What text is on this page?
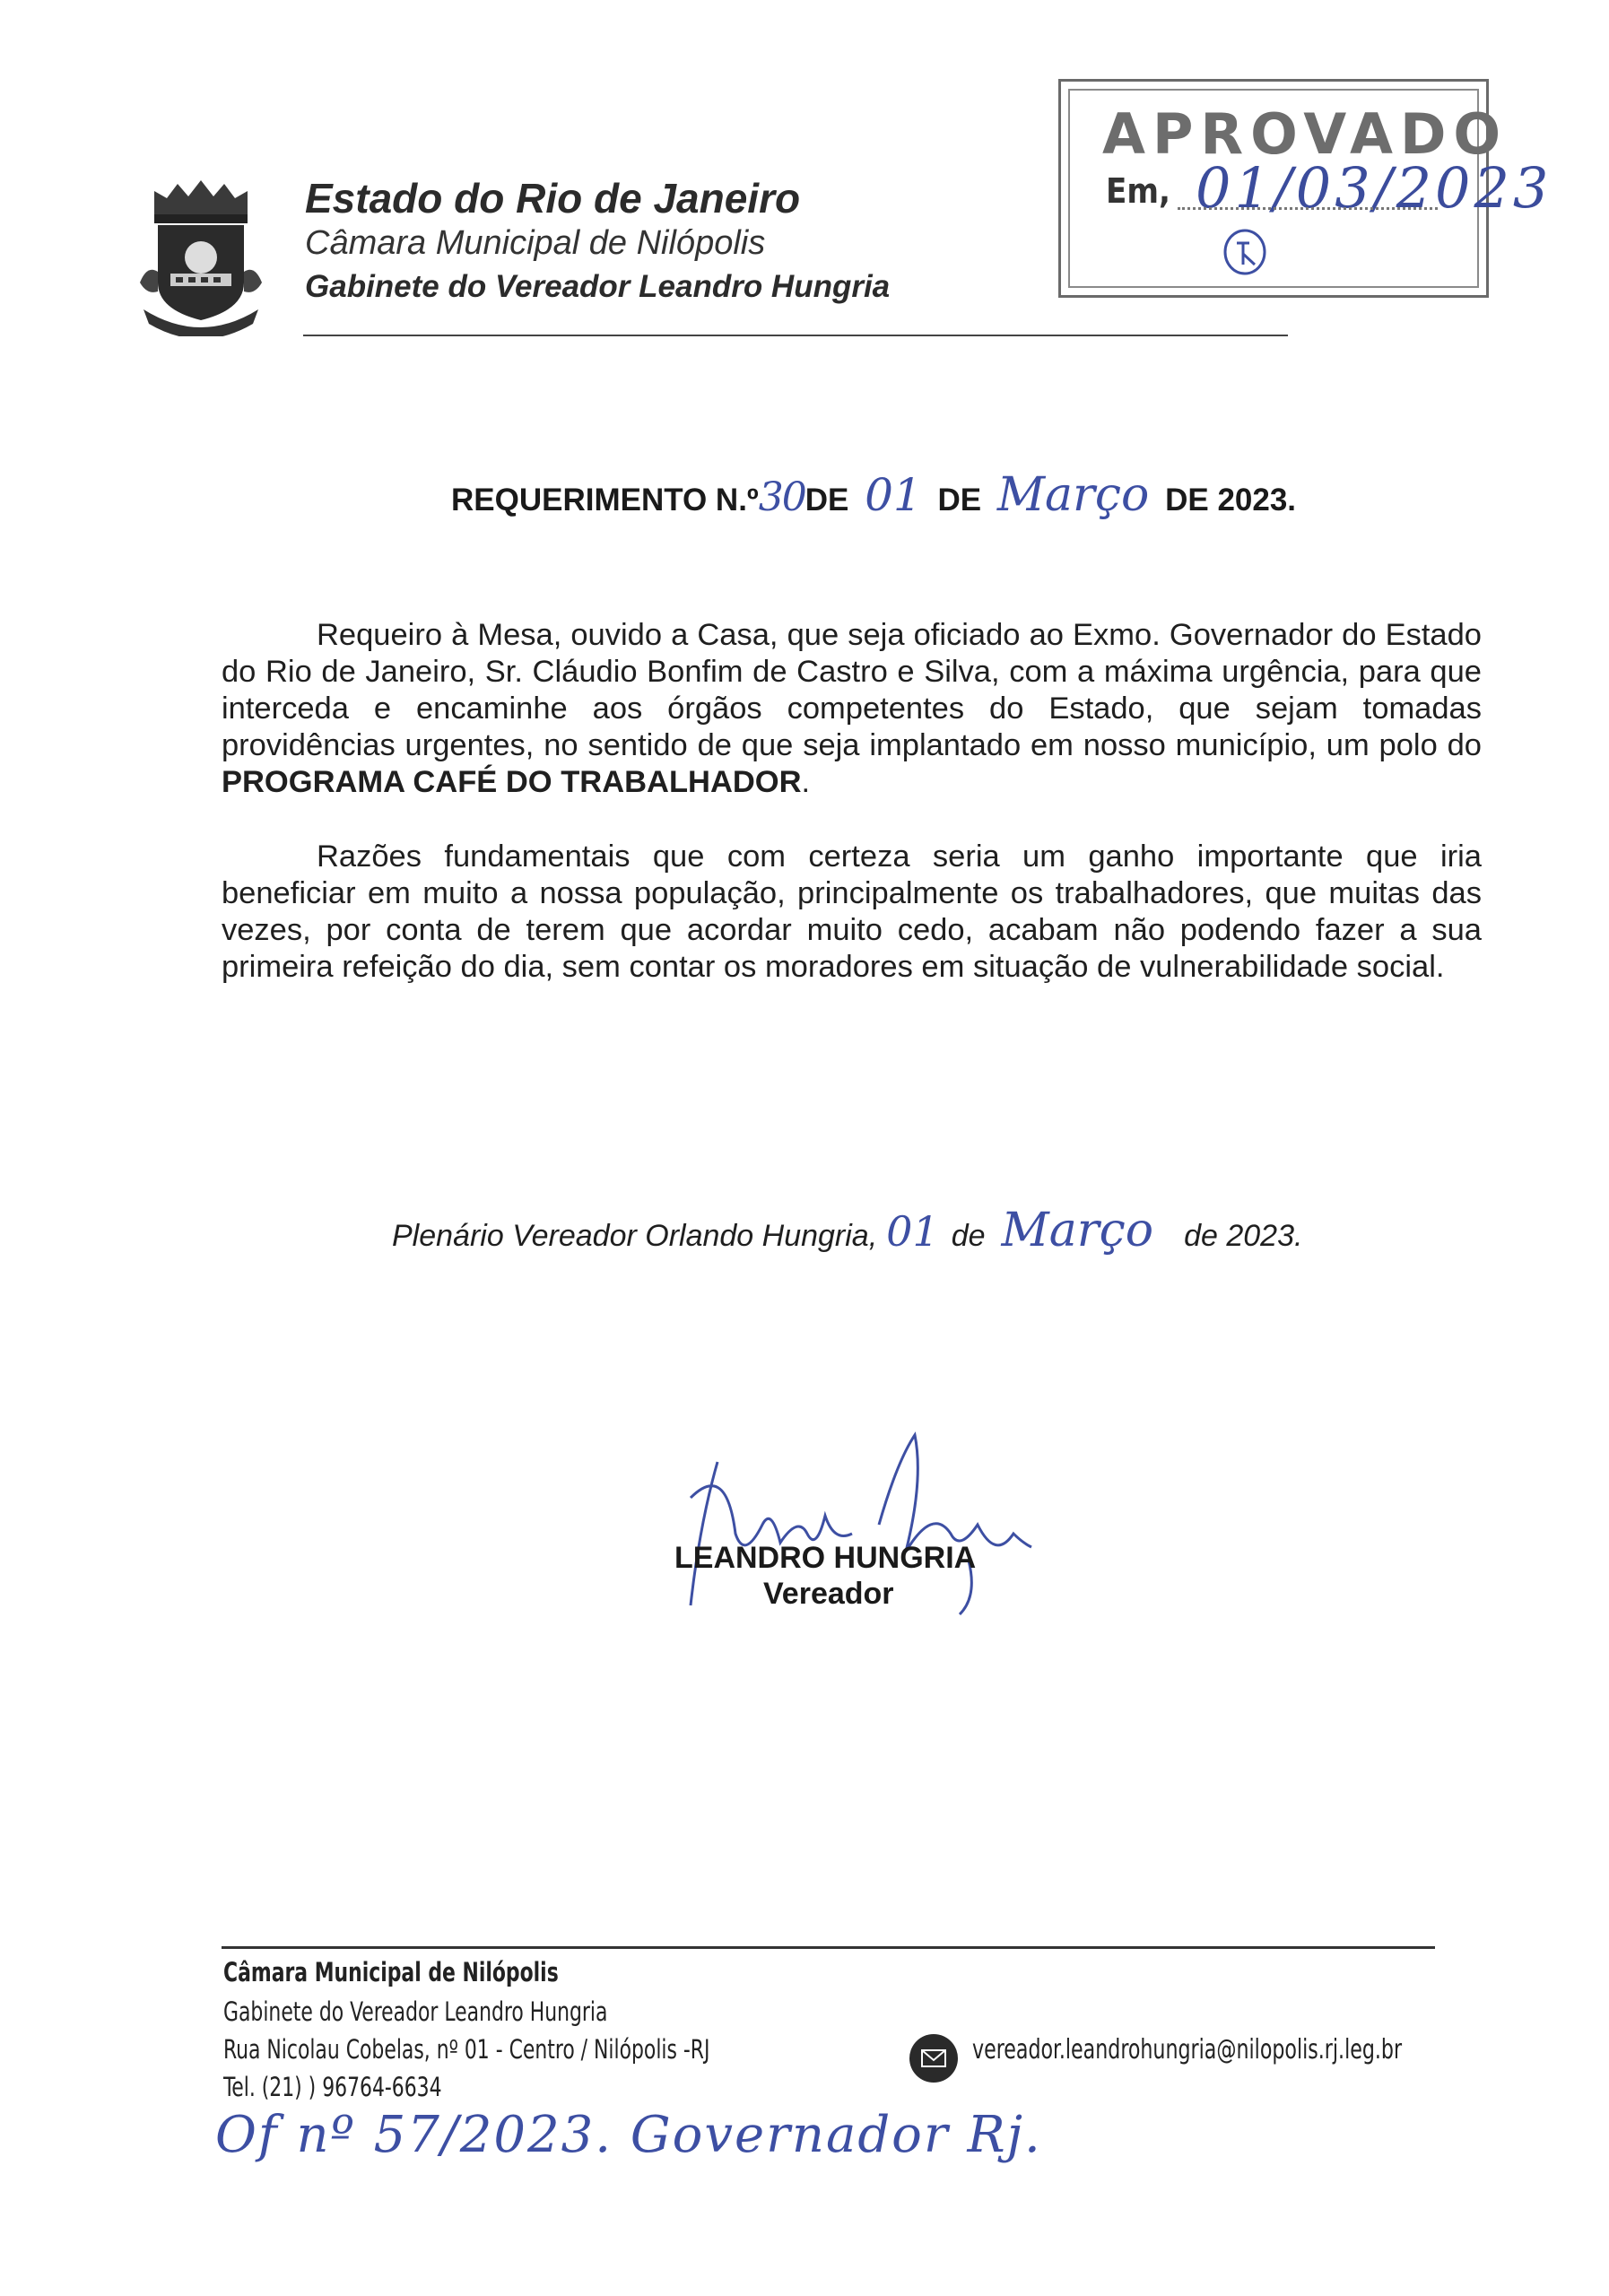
Estado do Rio de Janeiro
Câmara Municipal de Nilópolis
Gabinete do Vereador Leandro Hungria
APROVADO
Em, 01/03/2023
REQUERIMENTO N.º30DE 01 DE Março DE 2023.
Requeiro à Mesa, ouvido a Casa, que seja oficiado ao Exmo. Governador do Estado do Rio de Janeiro, Sr. Cláudio Bonfim de Castro e Silva, com a máxima urgência, para que interceda e encaminhe aos órgãos competentes do Estado, que sejam tomadas providências urgentes, no sentido de que seja implantado em nosso município, um polo do PROGRAMA CAFÉ DO TRABALHADOR.
Razões fundamentais que com certeza seria um ganho importante que iria beneficiar em muito a nossa população, principalmente os trabalhadores, que muitas das vezes, por conta de terem que acordar muito cedo, acabam não podendo fazer a sua primeira refeição do dia, sem contar os moradores em situação de vulnerabilidade social.
Plenário Vereador Orlando Hungria, 01 de Março de 2023.
LEANDRO HUNGRIA
Vereador
Câmara Municipal de Nilópolis
Gabinete do Vereador Leandro Hungria
Rua Nicolau Cobelas, nº 01 - Centro / Nilópolis -RJ
Tel. (21) ) 96764-6634
vereador.leandrohungria@nilopolis.rj.leg.br
Of nº 57/2023. Governador Rj.
